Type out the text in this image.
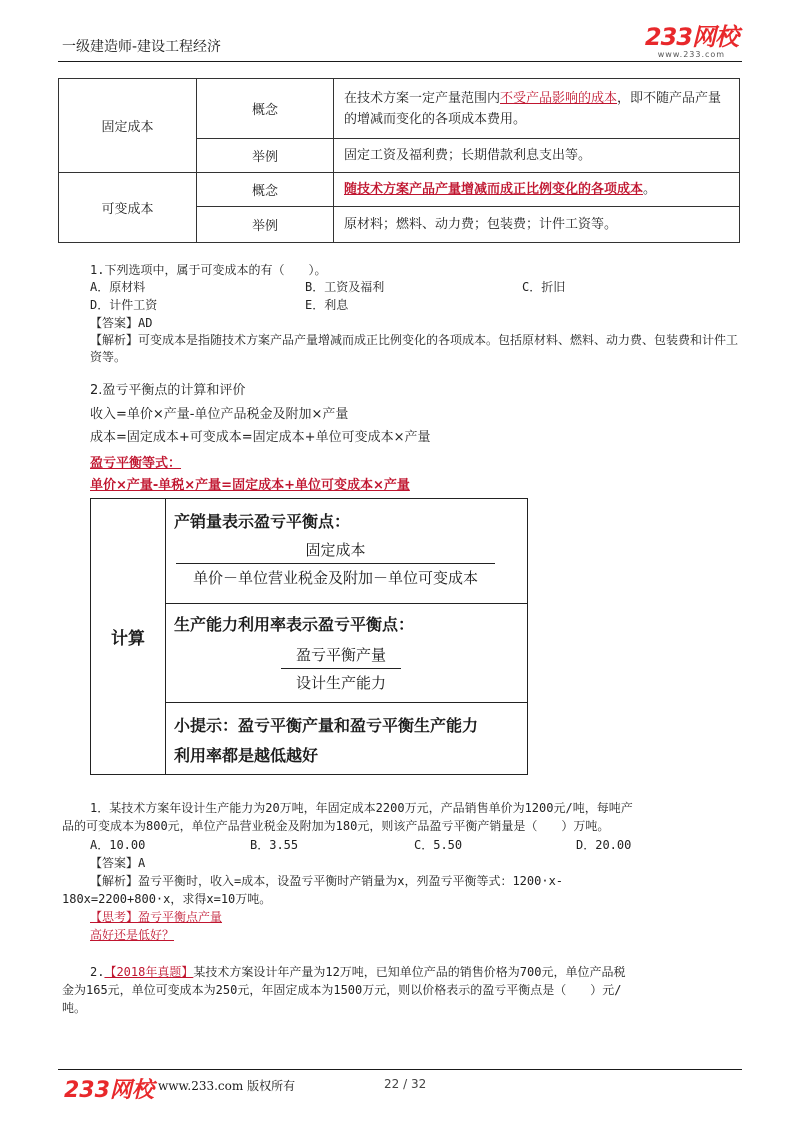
一级建造师-建设工程经济	233网校
www.233.com
固定成本	概念	在技术方案一定产量范围内不受产品影响的成本，即不随产品产量的增减而变化的各项成本费用。
	举例	固定工资及福利费；长期借款利息支出等。
可变成本	概念	随技术方案产品产量增减而成正比例变化的各项成本。
	举例	原材料；燃料、动力费；包装费；计件工资等。
1.下列选项中，属于可变成本的有（　　）。
A．原材料	B．工资及福利	C．折旧
D．计件工资	E．利息
【答案】AD
【解析】可变成本是指随技术方案产品产量增减而成正比例变化的各项成本。包括原材料、燃料、动力费、包装费和计件工资等。
2.盈亏平衡点的计算和评价
收入=单价×产量-单位产品税金及附加×产量
成本=固定成本+可变成本=固定成本+单位可变成本×产量
盈亏平衡等式：
单价×产量-单税×产量=固定成本+单位可变成本×产量
计算
产销量表示盈亏平衡点：
固定成本
单价－单位营业税金及附加－单位可变成本
生产能力利用率表示盈亏平衡点：
盈亏平衡产量
设计生产能力
小提示：盈亏平衡产量和盈亏平衡生产能力
利用率都是越低越好
1．某技术方案年设计生产能力为20万吨，年固定成本2200万元，产品销售单价为1200元/吨，每吨产
品的可变成本为800元，单位产品营业税金及附加为180元，则该产品盈亏平衡产销量是（　　）万吨。
A．10.00	B．3.55	C．5.50	D．20.00
【答案】A
【解析】盈亏平衡时，收入=成本，设盈亏平衡时产销量为x，列盈亏平衡等式：1200·x-
180x=2200+800·x，求得x=10万吨。
【思考】盈亏平衡点产量
高好还是低好？
2.【2018年真题】某技术方案设计年产量为12万吨，已知单位产品的销售价格为700元，单位产品税
金为165元，单位可变成本为250元，年固定成本为1500万元，则以价格表示的盈亏平衡点是（　　）元/
吨。
233网校 www.233.com 版权所有	22 / 32
